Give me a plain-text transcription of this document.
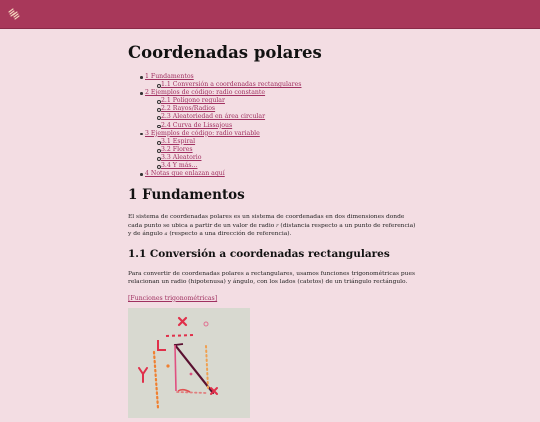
Coordenadas polares
1 Fundamentos
1.1 Conversión a coordenadas rectangulares
2 Ejemplos de código: radio constante
2.1 Polígono regular
2.2 Rayos/Radios
2.3 Aleatoriedad en área circular
2.4 Curva de Lissajous
3 Ejemplos de código: radio variable
3.1 Espiral
3.2 Flores
3.3 Aleatorio
3.4 Y más...
4 Notas que enlazan aquí
1 Fundamentos

El sistema de coordenadas polares es un sistema de coordenadas en dos dimensiones donde cada punto se ubica a partir de un valor de radio r (distancia respecto a un punto de referencia) y de ángulo a (respecto a una dirección de referencia).

1.1 Conversión a coordenadas rectangulares

Para convertir de coordenadas polares a rectangulares, usamos funciones trigonométricas pues relacionan un radio (hipotenusa) y ángulo, con los lados (catetos) de un triángulo rectángulo.

[Funciones trigonométricas]
